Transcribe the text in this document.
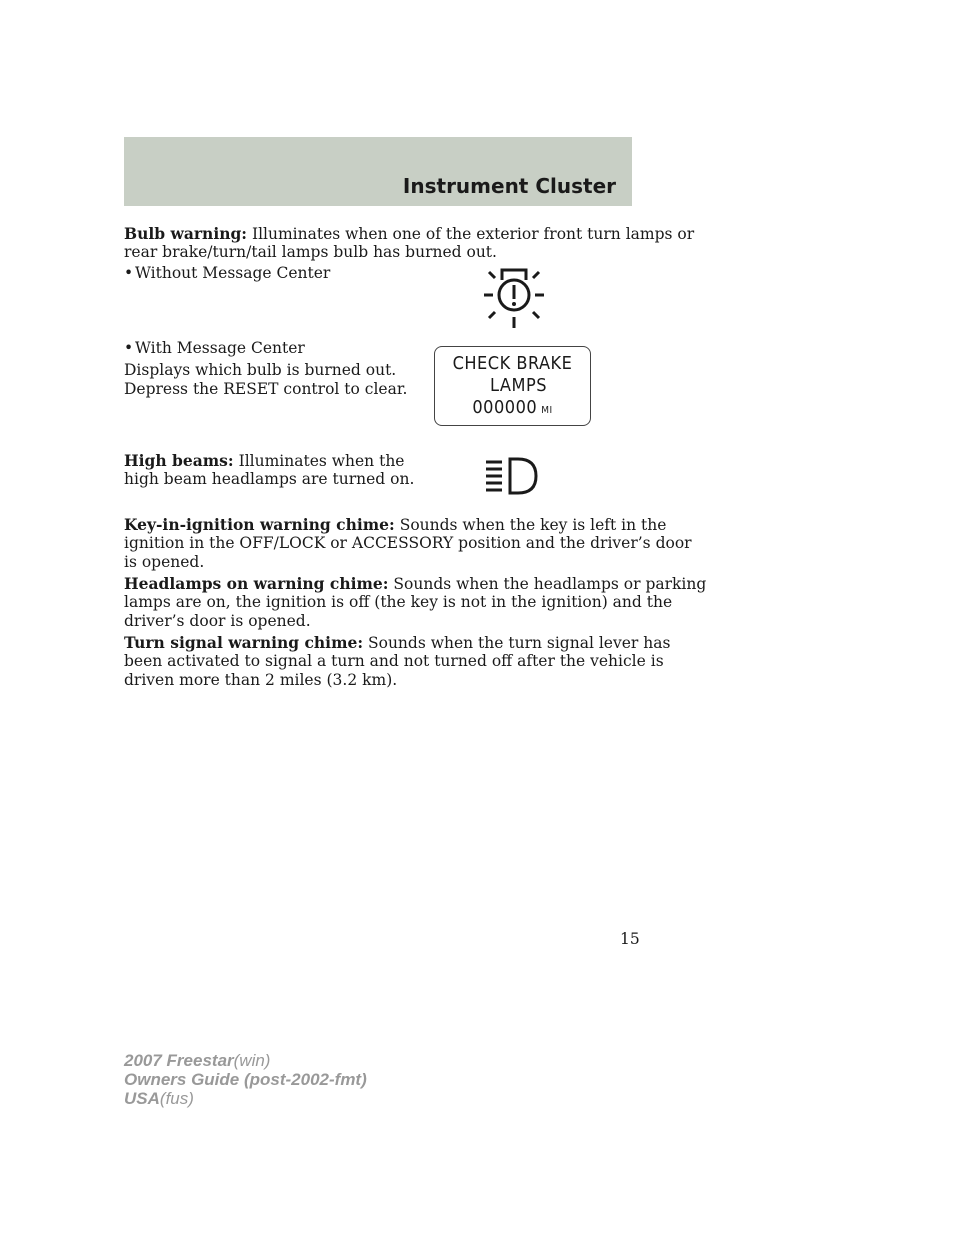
Instrument Cluster

Bulb warning: Illuminates when one of the exterior front turn lamps or

rear brake/turn/tail lamps bulb has burned out.

• Without Message Center

• With Message Center

Displays which bulb is burned out.

Depress the RESET control to clear.

CHECK BRAKE
LAMPS
000000 MI

High beams: Illuminates when the

high beam headlamps are turned on.

Key-in-ignition warning chime: Sounds when the key is left in the

ignition in the OFF/LOCK or ACCESSORY position and the driver’s door

is opened.

Headlamps on warning chime: Sounds when the headlamps or parking

lamps are on, the ignition is off (the key is not in the ignition) and the

driver’s door is opened.

Turn signal warning chime: Sounds when the turn signal lever has

been activated to signal a turn and not turned off after the vehicle is

driven more than 2 miles (3.2 km).

15
2007 Freestar(win)
Owners Guide (post-2002-fmt)
USA(fus)
